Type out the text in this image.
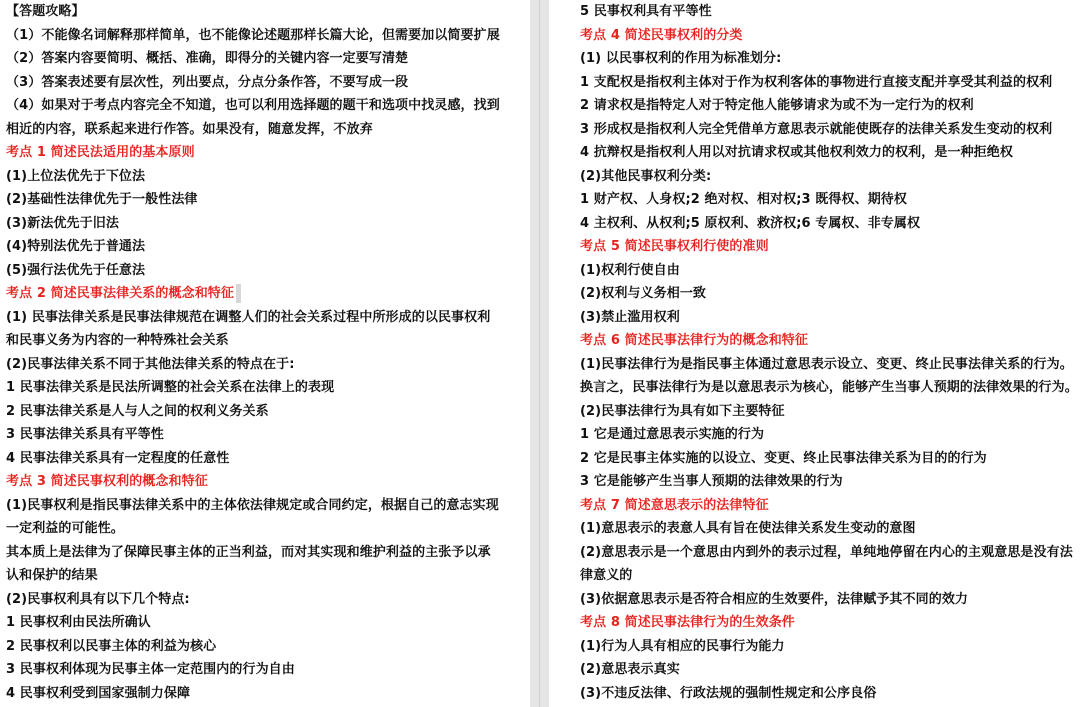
【答题攻略】
（1）不能像名词解释那样简单，也不能像论述题那样长篇大论，但需要加以简要扩展
（2）答案内容要简明、概括、准确，即得分的关键内容一定要写清楚
（3）答案表述要有层次性，列出要点，分点分条作答，不要写成一段
（4）如果对于考点内容完全不知道，也可以利用选择题的题干和选项中找灵感，找到
相近的内容，联系起来进行作答。如果没有，随意发挥，不放弃
考点 1 简述民法适用的基本原则
(1)上位法优先于下位法
(2)基础性法律优先于一般性法律
(3)新法优先于旧法
(4)特别法优先于普通法
(5)强行法优先于任意法
考点 2 简述民事法律关系的概念和特征
(1) 民事法律关系是民事法律规范在调整人们的社会关系过程中所形成的以民事权利
和民事义务为内容的一种特殊社会关系
(2)民事法律关系不同于其他法律关系的特点在于:
1 民事法律关系是民法所调整的社会关系在法律上的表现
2 民事法律关系是人与人之间的权利义务关系
3 民事法律关系具有平等性
4 民事法律关系具有一定程度的任意性
考点 3 简述民事权利的概念和特征
(1)民事权利是指民事法律关系中的主体依法律规定或合同约定，根据自己的意志实现
一定利益的可能性。
其本质上是法律为了保障民事主体的正当利益，而对其实现和维护利益的主张予以承
认和保护的结果
(2)民事权利具有以下几个特点:
1 民事权利由民法所确认
2 民事权利以民事主体的利益为核心
3 民事权利体现为民事主体一定范围内的行为自由
4 民事权利受到国家强制力保障
5 民事权利具有平等性
考点 4 简述民事权利的分类
(1) 以民事权利的作用为标准划分:
1 支配权是指权利主体对于作为权利客体的事物进行直接支配并享受其利益的权利
2 请求权是指特定人对于特定他人能够请求为或不为一定行为的权利
3 形成权是指权利人完全凭借单方意思表示就能使既存的法律关系发生变动的权利
4 抗辩权是指权利人用以对抗请求权或其他权利效力的权利，是一种拒绝权
(2)其他民事权利分类:
1 财产权、人身权;2 绝对权、相对权;3 既得权、期待权
4 主权利、从权利;5 原权利、救济权;6 专属权、非专属权
考点 5 简述民事权利行使的准则
(1)权利行使自由
(2)权利与义务相一致
(3)禁止滥用权利
考点 6 简述民事法律行为的概念和特征
(1)民事法律行为是指民事主体通过意思表示设立、变更、终止民事法律关系的行为。
换言之，民事法律行为是以意思表示为核心，能够产生当事人预期的法律效果的行为。
(2)民事法律行为具有如下主要特征
1 它是通过意思表示实施的行为
2 它是民事主体实施的以设立、变更、终止民事法律关系为目的的行为
3 它是能够产生当事人预期的法律效果的行为
考点 7 简述意思表示的法律特征
(1)意思表示的表意人具有旨在使法律关系发生变动的意图
(2)意思表示是一个意思由内到外的表示过程，单纯地停留在内心的主观意思是没有法
律意义的
(3)依据意思表示是否符合相应的生效要件，法律赋予其不同的效力
考点 8 简述民事法律行为的生效条件
(1)行为人具有相应的民事行为能力
(2)意思表示真实
(3)不违反法律、行政法规的强制性规定和公序良俗
